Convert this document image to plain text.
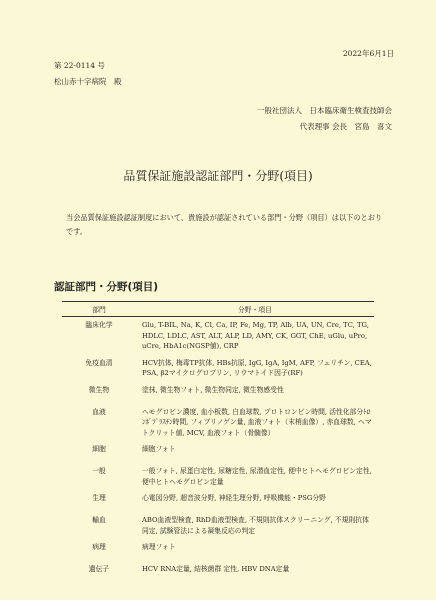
2022年6月1日
第 22-0114 号
松山赤十字病院　殿
一般社団法人　日本臨床衛生検査技師会
代表理事 会長　宮島　喜文
品質保証施設認証部門・分野(項目)
当会品質保証施設認証制度において、貴施設が認証されている部門・分野（項目）は以下のとおりです。
認証部門・分野(項目)
部門	分野・項目
臨床化学	Glu, T-BIL, Na, K, Cl, Ca, IP, Fe, Mg, TP, Alb, UA, UN, Cre, TC, TG, HDLC, LDLC, AST, ALT, ALP, LD, AMY, CK, GGT, ChE, uGlu, uPro, uCre, HbA1c(NGSP値), CRP
免疫血清	HCV抗体, 梅毒TP抗体, HBs抗原, IgG, IgA, IgM, AFP, フェリチン, CEA, PSA, β2マイクログロブリン, リウマトイド因子(RF)
微生物	塗抹, 微生物フォト, 微生物同定, 微生物感受性
血液	ヘモグロビン濃度, 血小板数, 白血球数, プロトロンビン時間, 活性化部分ﾄﾛﾝﾎﾞﾌﾟﾗｽﾁﾝ時間, フィブリノゲン量, 血液フォト（末梢血像）, 赤血球数, ヘマトクリット値, MCV, 血液フォト（骨髄像）
細胞	細胞フォト
一般	一般フォト, 尿蛋白定性, 尿糖定性, 尿潜血定性, 便中ヒトヘモグロビン定性, 便中ヒトヘモグロビン定量
生理	心電図分野, 超音波分野, 神経生理分野, 呼吸機能・PSG分野
輸血	ABO血液型検査, RhD血液型検査, 不規則抗体スクリーニング, 不規則抗体同定, 試験管法による凝集反応の判定
病理	病理フォト
遺伝子	HCV RNA定量, 結核菌群 定性, HBV DNA定量
